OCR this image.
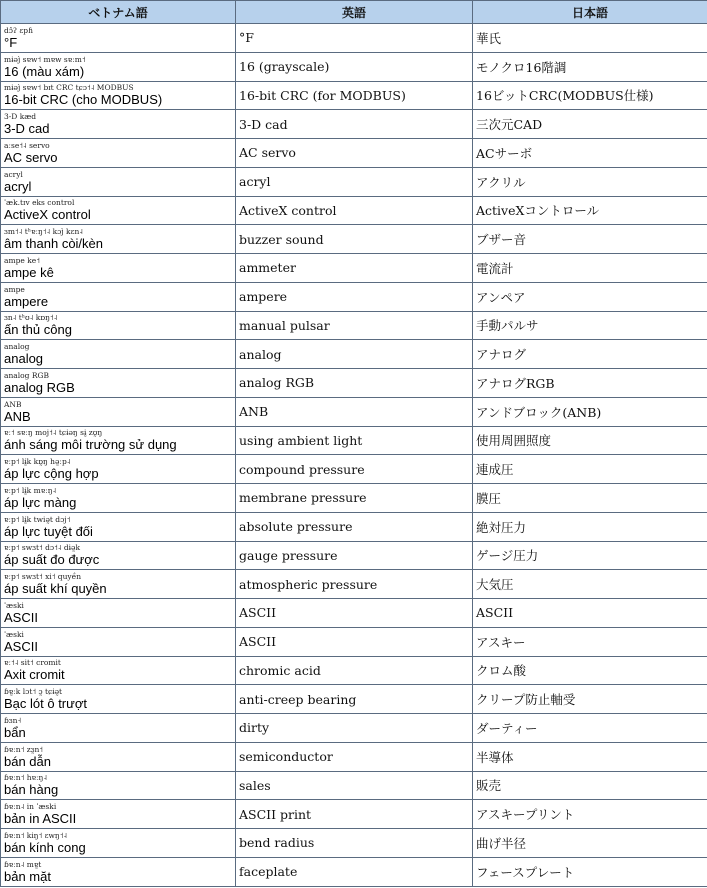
ベトナム語	英語	日本語

dɔ̂ʔ ɛpɦ
°F	°F	華氏

mɨəj̀ sɐw˦ mɐw sɐːm˦
16 (màu xám)	16 (grayscale)	モノクロ16階調

mɨəj̀ sɐw˦ bɪt CRC tɕɔ˦˨ MODBUS
16-bit CRC (cho MODBUS)	16-bit CRC (for MODBUS)	16ビットCRC(MODBUS仕様)

3-D kæd
3-D cad	3-D cad	三次元CAD

aːse˦˨ servo
AC servo	AC servo	ACサーボ

acryl
acryl	acryl	アクリル

ˈæk.tɪv eks control
ActiveX control	ActiveX control	ActiveXコントロール

ɜm˦˨ tʰɐːŋ˦˨ kɔj̀ kɛn˨
âm thanh còi/kèn	buzzer sound	ブザー音

ampe ke˦
ampe kê	ammeter	電流計

ampe
ampere	ampere	アンペア

ɜn˨ tʰʊ˨ kɒŋ˦˨
ấn thủ công	manual pulsar	手動パルサ

analog
analog	analog	アナログ

analog RGB
analog RGB	analog RGB	アナログRGB

ANB
ANB	ANB	アンドブロック(ANB)

ɐː˦ sɐːŋ moj˦˨ tɕɨəŋ sɨ̰ zʊ̰ŋ
ánh sáng môi trường sử dụng	using ambient light	使用周囲照度

ɐːp˦ lɨ̰k kɒ̰ŋ hə̰ːp˨
áp lực cộng hợp	compound pressure	連成圧

ɐːp˦ lɨ̰k mɐːŋ˨
áp lực màng	membrane pressure	膜圧

ɐːp˦ lɨ̰k twiə̰t dɔj˦
áp lực tuyệt đối	absolute pressure	絶対圧力

ɐːp˦ swɜt˦ dɔ˦˨ dɨə̰k
áp suất đo được	gauge pressure	ゲージ圧力

ɐːp˦ swɜt˦ xi˦ quyền
áp suất khí quyền	atmospheric pressure	大気圧

ˈæski
ASCII	ASCII	ASCII

ˈæski
ASCII	ASCII	アスキー

ɐː˦˨ sit˦ cromit
Axit cromit	chromic acid	クロム酸

ɓɐ̰ːk lɔt˦ ɔ̰ tɕɨə̰t
Bạc lót ô trượt	anti-creep bearing	クリープ防止軸受

ɓɜn˧
bẩn	dirty	ダーティー

ɓɐːn˦ zɜ̰n˦
bán dẫn	semiconductor	半導体

ɓɐːn˦ hɐːŋ˨
bán hàng	sales	販売

ɓɐːn˨ in ˈæski
bản in ASCII	ASCII print	アスキープリント

ɓɐːn˦ kiŋ˦ ɛwŋ˦˨
bán kính cong	bend radius	曲げ半径

ɓɐːn˨ mɐ̰t
bản mặt	faceplate	フェースプレート
